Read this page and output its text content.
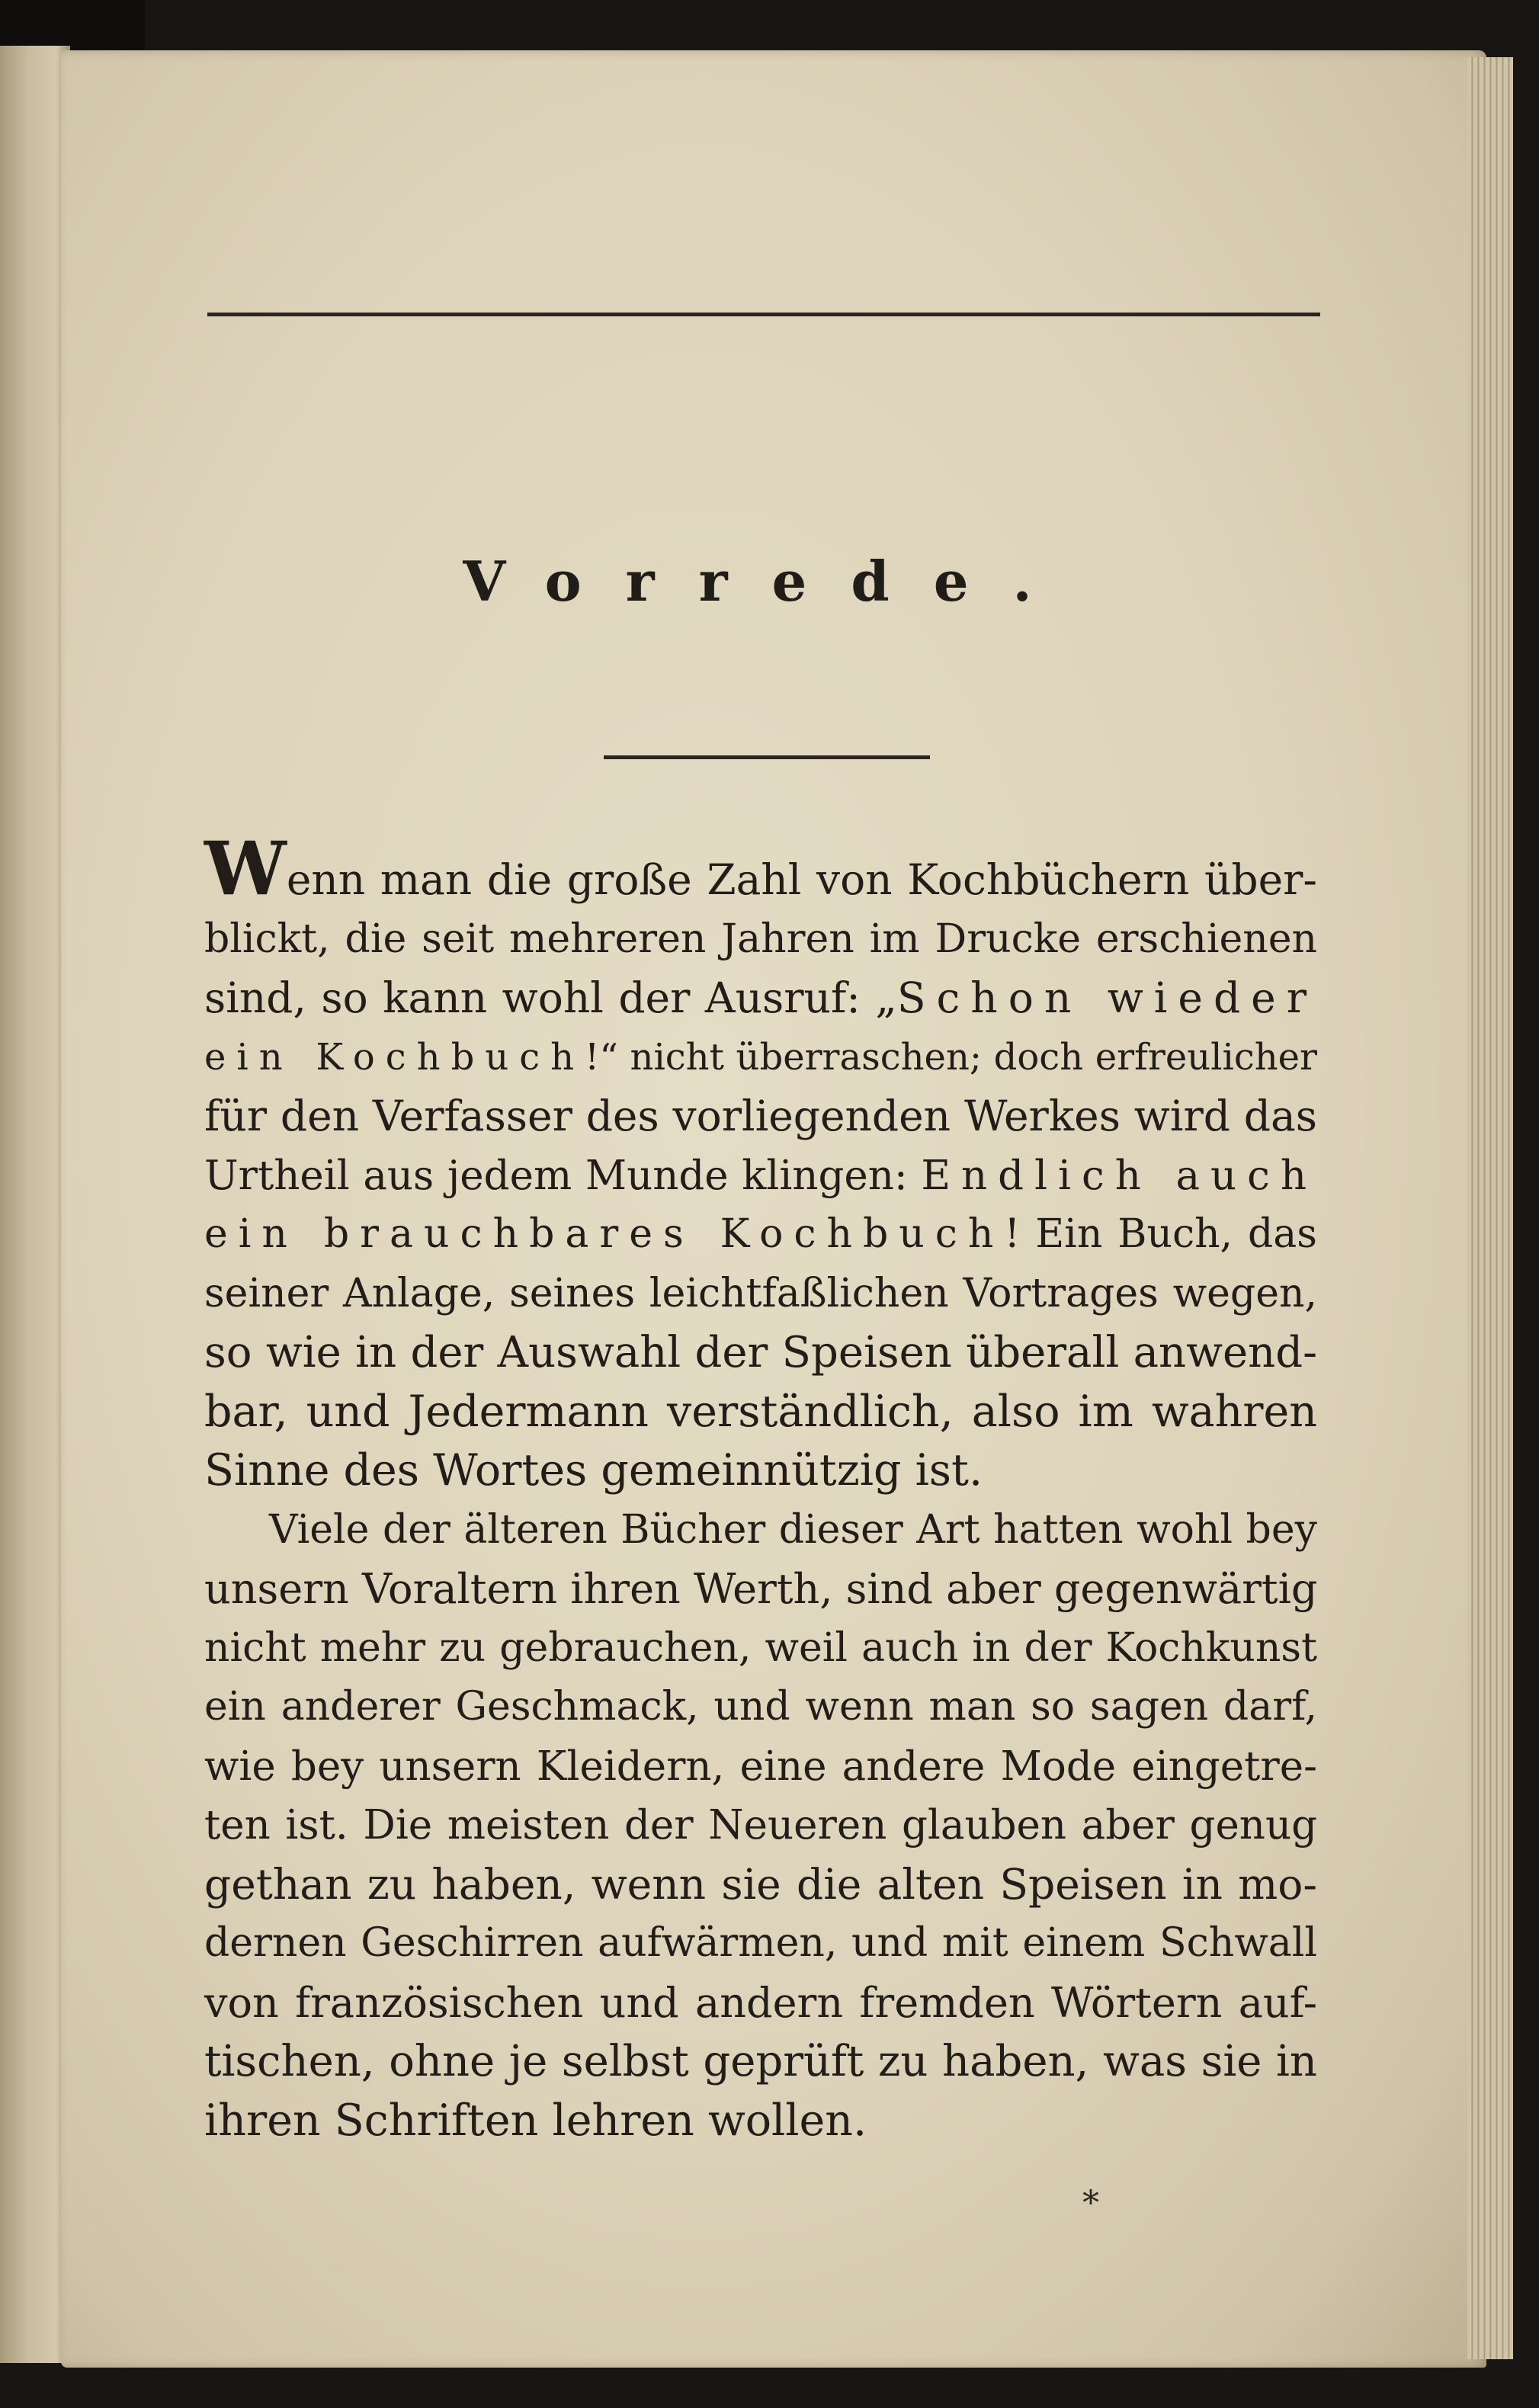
Vorrede.
Wenn man die große Zahl von Kochbüchern über-
blickt, die seit mehreren Jahren im Drucke erschienen
sind, so kann wohl der Ausruf: „Schon wieder
ein Kochbuch!“ nicht überraschen; doch erfreulicher
für den Verfasser des vorliegenden Werkes wird das
Urtheil aus jedem Munde klingen: Endlich auch
ein brauchbares Kochbuch! Ein Buch, das
seiner Anlage, seines leichtfaßlichen Vortrages wegen,
so wie in der Auswahl der Speisen überall anwend-
bar, und Jedermann verständlich, also im wahren
Sinne des Wortes gemeinnützig ist.
Viele der älteren Bücher dieser Art hatten wohl bey
unsern Voraltern ihren Werth, sind aber gegenwärtig
nicht mehr zu gebrauchen, weil auch in der Kochkunst
ein anderer Geschmack, und wenn man so sagen darf,
wie bey unsern Kleidern, eine andere Mode eingetre-
ten ist. Die meisten der Neueren glauben aber genug
gethan zu haben, wenn sie die alten Speisen in mo-
dernen Geschirren aufwärmen, und mit einem Schwall
von französischen und andern fremden Wörtern auf-
tischen, ohne je selbst geprüft zu haben, was sie in
ihren Schriften lehren wollen.
*
